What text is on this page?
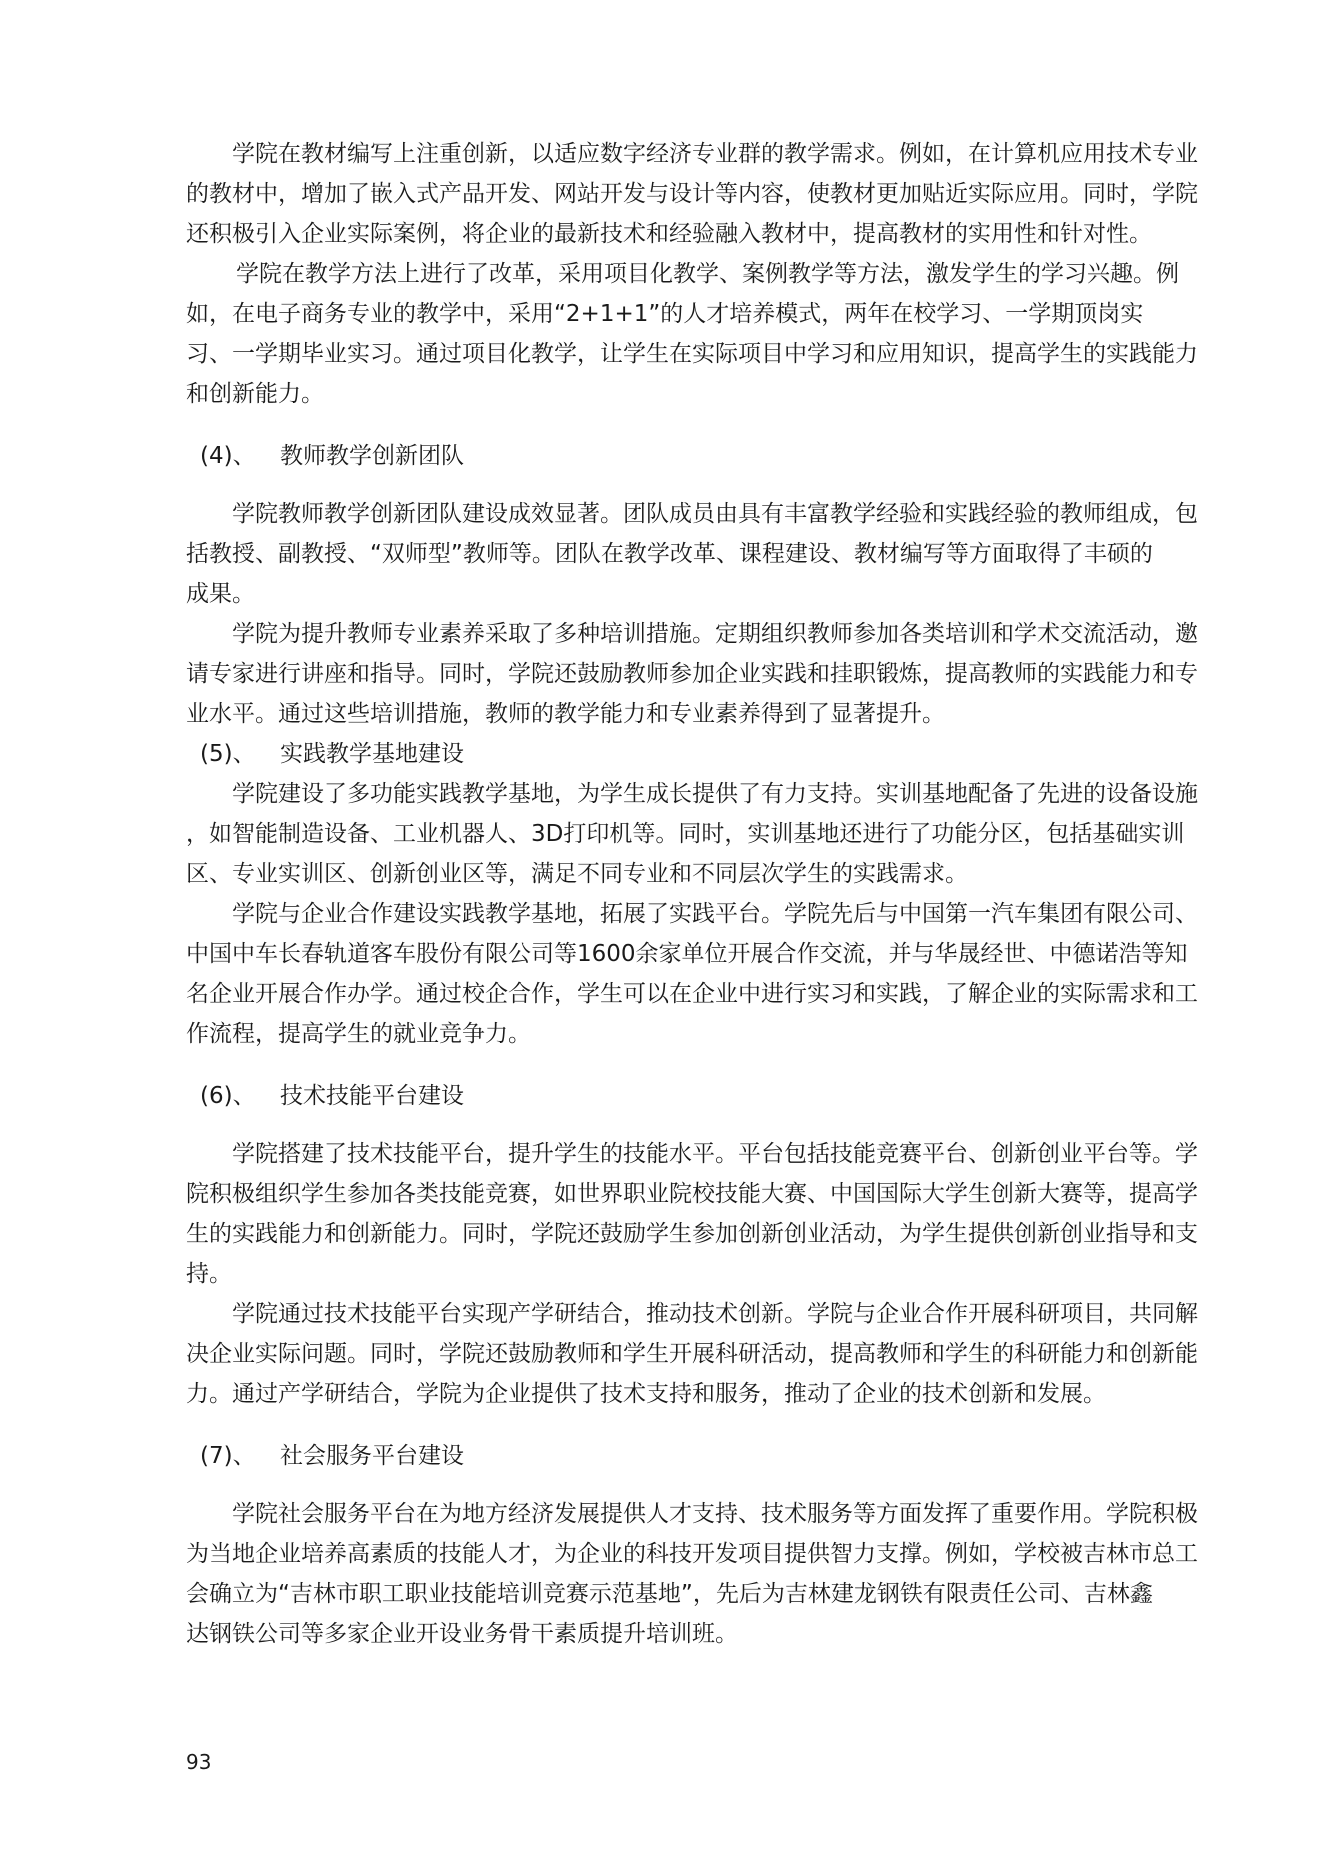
学院在教材编写上注重创新，以适应数字经济专业群的教学需求。例如，在计算机应用技术专业
的教材中，增加了嵌入式产品开发、网站开发与设计等内容，使教材更加贴近实际应用。同时，学院
还积极引入企业实际案例，将企业的最新技术和经验融入教材中，提高教材的实用性和针对性。
学院在教学方法上进行了改革，采用项目化教学、案例教学等方法，激发学生的学习兴趣。例
如，在电子商务专业的教学中，采用“2+1+1”的人才培养模式，两年在校学习、一学期顶岗实
习、一学期毕业实习。通过项目化教学，让学生在实际项目中学习和应用知识，提高学生的实践能力
和创新能力。
(4)、 教师教学创新团队
学院教师教学创新团队建设成效显著。团队成员由具有丰富教学经验和实践经验的教师组成，包
括教授、副教授、“双师型”教师等。团队在教学改革、课程建设、教材编写等方面取得了丰硕的
成果。
学院为提升教师专业素养采取了多种培训措施。定期组织教师参加各类培训和学术交流活动，邀
请专家进行讲座和指导。同时，学院还鼓励教师参加企业实践和挂职锻炼，提高教师的实践能力和专
业水平。通过这些培训措施，教师的教学能力和专业素养得到了显著提升。
(5)、 实践教学基地建设
学院建设了多功能实践教学基地，为学生成长提供了有力支持。实训基地配备了先进的设备设施
，如智能制造设备、工业机器人、3D打印机等。同时，实训基地还进行了功能分区，包括基础实训
区、专业实训区、创新创业区等，满足不同专业和不同层次学生的实践需求。
学院与企业合作建设实践教学基地，拓展了实践平台。学院先后与中国第一汽车集团有限公司、
中国中车长春轨道客车股份有限公司等1600余家单位开展合作交流，并与华晟经世、中德诺浩等知
名企业开展合作办学。通过校企合作，学生可以在企业中进行实习和实践，了解企业的实际需求和工
作流程，提高学生的就业竞争力。
(6)、 技术技能平台建设
学院搭建了技术技能平台，提升学生的技能水平。平台包括技能竞赛平台、创新创业平台等。学
院积极组织学生参加各类技能竞赛，如世界职业院校技能大赛、中国国际大学生创新大赛等，提高学
生的实践能力和创新能力。同时，学院还鼓励学生参加创新创业活动，为学生提供创新创业指导和支
持。
学院通过技术技能平台实现产学研结合，推动技术创新。学院与企业合作开展科研项目，共同解
决企业实际问题。同时，学院还鼓励教师和学生开展科研活动，提高教师和学生的科研能力和创新能
力。通过产学研结合，学院为企业提供了技术支持和服务，推动了企业的技术创新和发展。
(7)、 社会服务平台建设
学院社会服务平台在为地方经济发展提供人才支持、技术服务等方面发挥了重要作用。学院积极
为当地企业培养高素质的技能人才，为企业的科技开发项目提供智力支撑。例如，学校被吉林市总工
会确立为“吉林市职工职业技能培训竞赛示范基地”，先后为吉林建龙钢铁有限责任公司、吉林鑫
达钢铁公司等多家企业开设业务骨干素质提升培训班。
93
